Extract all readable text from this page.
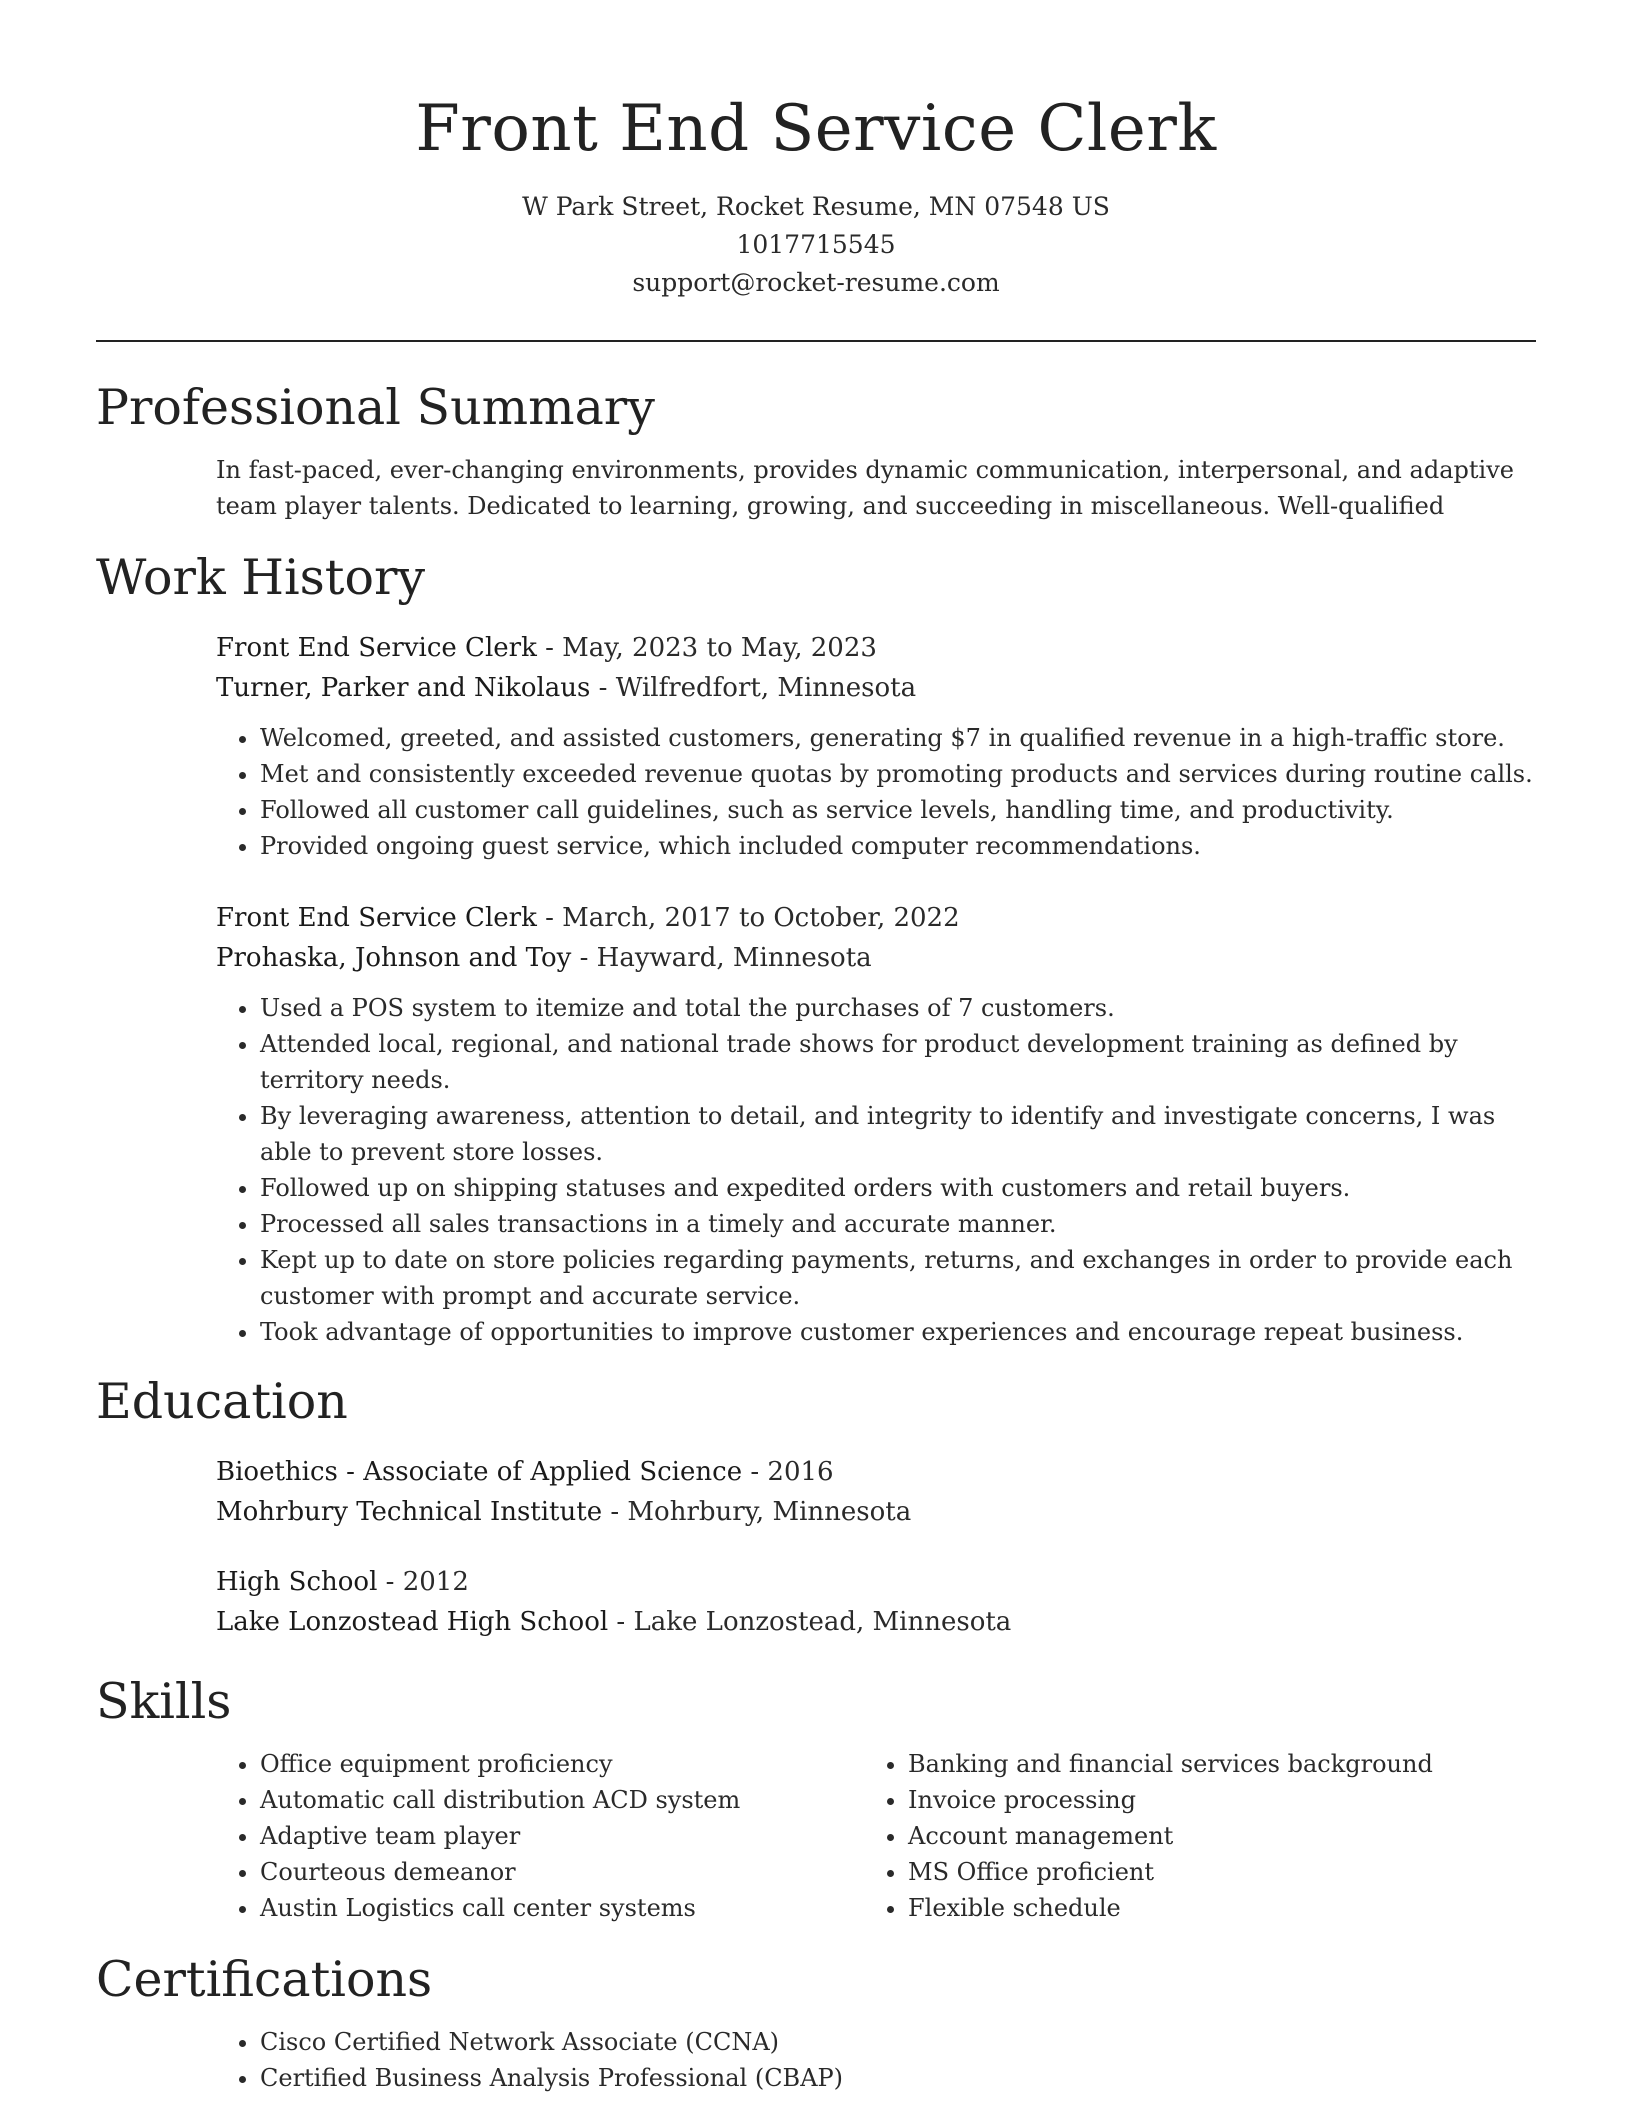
Front End Service Clerk
W Park Street, Rocket Resume, MN 07548 US
1017715545
support@rocket-resume.com
Professional Summary
In fast-paced, ever-changing environments, provides dynamic communication, interpersonal, and adaptive team player talents. Dedicated to learning, growing, and succeeding in miscellaneous. Well-qualified
Work History
Front End Service Clerk - May, 2023 to May, 2023
Turner, Parker and Nikolaus - Wilfredfort, Minnesota
• Welcomed, greeted, and assisted customers, generating $7 in qualified revenue in a high-traffic store.
• Met and consistently exceeded revenue quotas by promoting products and services during routine calls.
• Followed all customer call guidelines, such as service levels, handling time, and productivity.
• Provided ongoing guest service, which included computer recommendations.
Front End Service Clerk - March, 2017 to October, 2022
Prohaska, Johnson and Toy - Hayward, Minnesota
• Used a POS system to itemize and total the purchases of 7 customers.
• Attended local, regional, and national trade shows for product development training as defined by territory needs.
• By leveraging awareness, attention to detail, and integrity to identify and investigate concerns, I was able to prevent store losses.
• Followed up on shipping statuses and expedited orders with customers and retail buyers.
• Processed all sales transactions in a timely and accurate manner.
• Kept up to date on store policies regarding payments, returns, and exchanges in order to provide each customer with prompt and accurate service.
• Took advantage of opportunities to improve customer experiences and encourage repeat business.
Education
Bioethics - Associate of Applied Science - 2016
Mohrbury Technical Institute - Mohrbury, Minnesota
High School - 2012
Lake Lonzostead High School - Lake Lonzostead, Minnesota
Skills
• Office equipment proficiency
• Automatic call distribution ACD system
• Adaptive team player
• Courteous demeanor
• Austin Logistics call center systems
• Banking and financial services background
• Invoice processing
• Account management
• MS Office proficient
• Flexible schedule
Certifications
• Cisco Certified Network Associate (CCNA)
• Certified Business Analysis Professional (CBAP)
